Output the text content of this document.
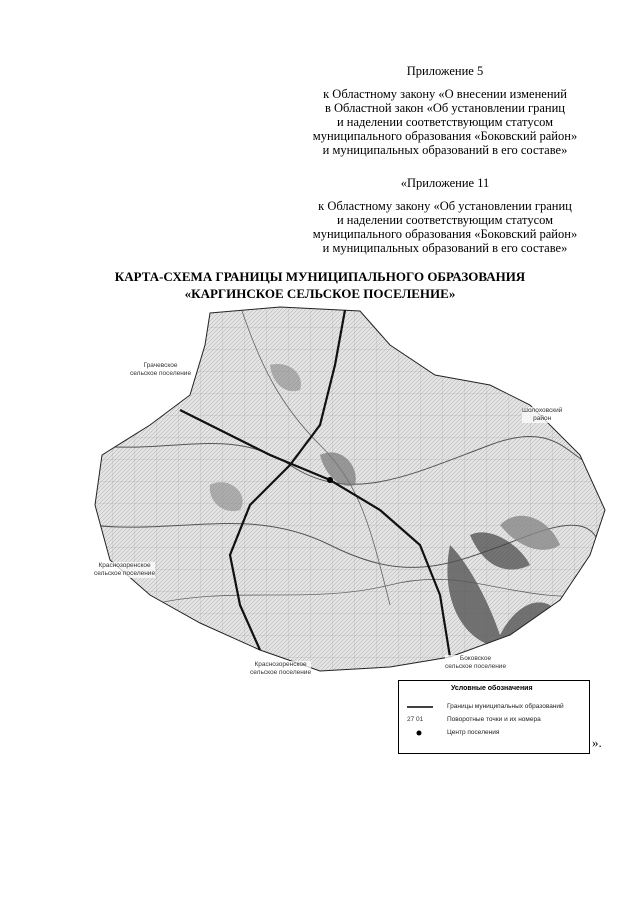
Приложение 5
к Областному закону «О внесении изменений
в Областной закон «Об установлении границ
и наделении соответствующим статусом
муниципального образования «Боковский район»
и муниципальных образований в его составе»
«Приложение 11
к Областному закону «Об установлении границ
и наделении соответствующим статусом
муниципального образования «Боковский район»
и муниципальных образований в его составе»
КАРТА-СХЕМА ГРАНИЦЫ МУНИЦИПАЛЬНОГО ОБРАЗОВАНИЯ
«КАРГИНСКОЕ СЕЛЬСКОЕ ПОСЕЛЕНИЕ»
Грачевское
сельское поселение
Шолоховский
район
Краснозоренское
сельское поселение
Боковское
сельское поселение
Краснозоренское
сельское поселение
Условные обозначения
Границы муниципальных образований
27 01	Поворотные точки и их номера
Центр поселения
».
